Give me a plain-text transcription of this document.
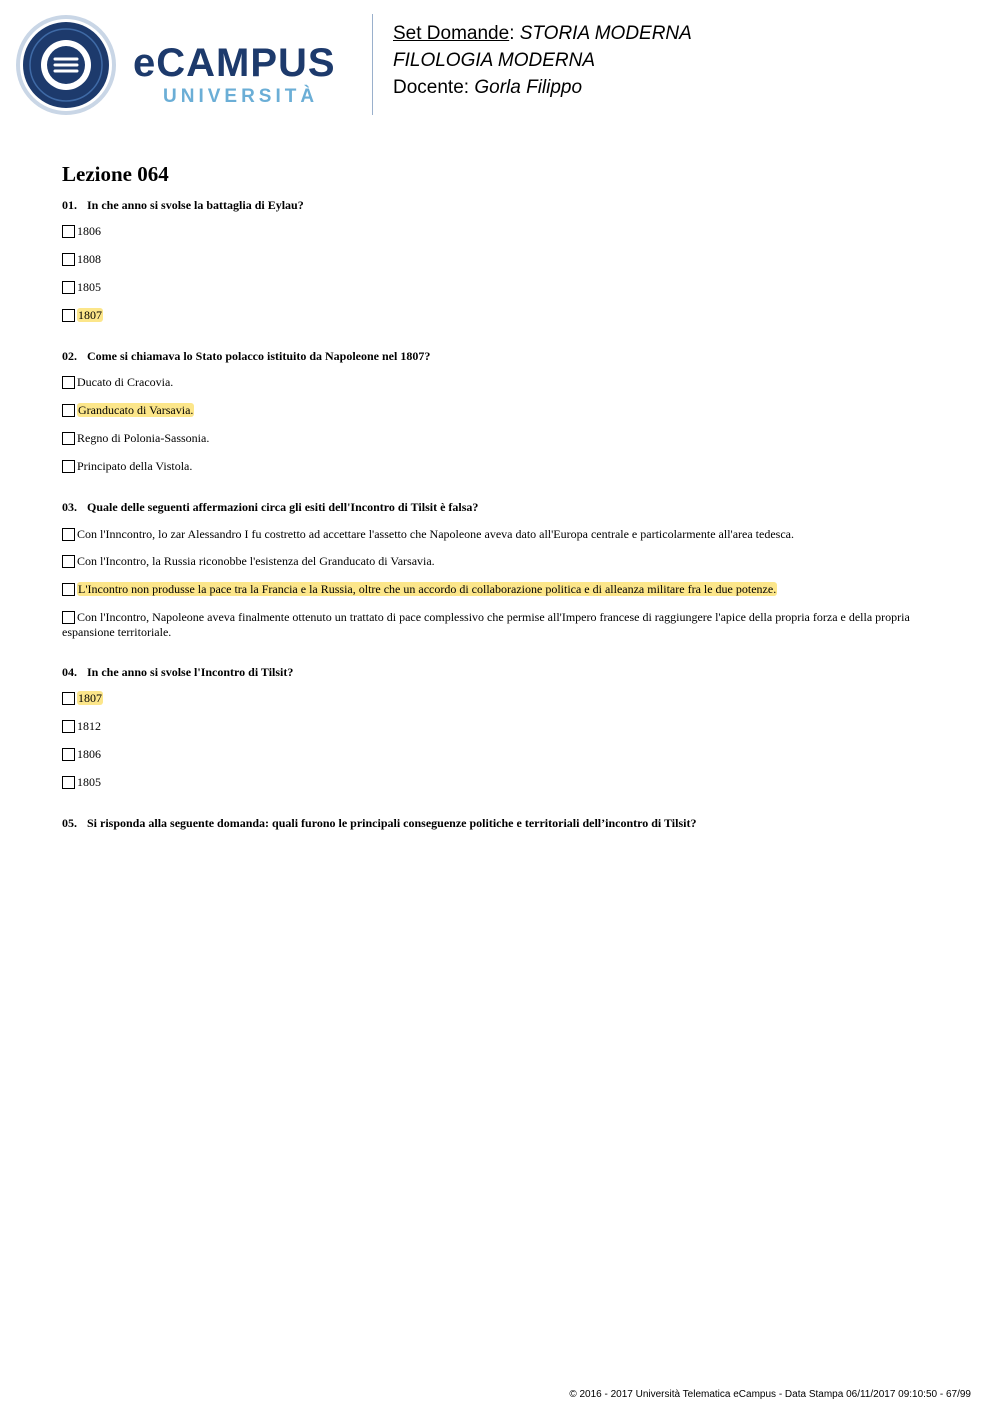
eCAMPUS
UNIVERSITÀ
Set Domande: STORIA MODERNA
FILOLOGIA MODERNA
Docente: Gorla Filippo
Lezione 064
01. In che anno si svolse la battaglia di Eylau?
1806
1808
1805
1807
02. Come si chiamava lo Stato polacco istituito da Napoleone nel 1807?
Ducato di Cracovia.
Granducato di Varsavia.
Regno di Polonia-Sassonia.
Principato della Vistola.
03. Quale delle seguenti affermazioni circa gli esiti dell'Incontro di Tilsit è falsa?
Con l'Inncontro, lo zar Alessandro I fu costretto ad accettare l'assetto che Napoleone aveva dato all'Europa centrale e particolarmente all'area tedesca.
Con l'Incontro, la Russia riconobbe l'esistenza del Granducato di Varsavia.
L'Incontro non produsse la pace tra la Francia e la Russia, oltre che un accordo di collaborazione politica e di alleanza militare fra le due potenze.
Con l'Incontro, Napoleone aveva finalmente ottenuto un trattato di pace complessivo che permise all'Impero francese di raggiungere l'apice della propria forza e della propria espansione territoriale.
04. In che anno si svolse l'Incontro di Tilsit?
1807
1812
1806
1805
05. Si risponda alla seguente domanda: quali furono le principali conseguenze politiche e territoriali dell’incontro di Tilsit?
© 2016 - 2017 Università Telematica eCampus - Data Stampa 06/11/2017 09:10:50 - 67/99
